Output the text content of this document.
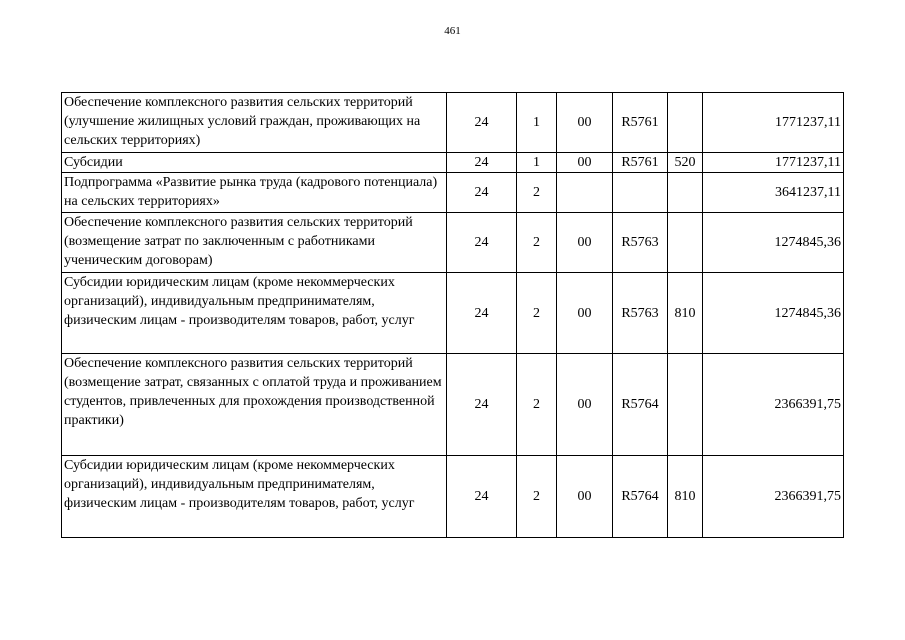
461
Обеспечение комплексного развития сельских территорий (улучшение жилищных условий граждан, проживающих на сельских территориях)	24	1	00	R5761		1771237,11
Субсидии	24	1	00	R5761	520	1771237,11
Подпрограмма «Развитие рынка труда (кадрового потенциала) на сельских территориях»	24	2				3641237,11
Обеспечение комплексного развития сельских территорий (возмещение затрат по заключенным с работниками ученическим договорам)	24	2	00	R5763		1274845,36
Субсидии юридическим лицам (кроме некоммерческих организаций), индивидуальным предпринимателям, физическим лицам - производителям товаров, работ, услуг	24	2	00	R5763	810	1274845,36
Обеспечение комплексного развития сельских территорий (возмещение затрат, связанных с оплатой труда и проживанием студентов, привлеченных для прохождения производственной практики)	24	2	00	R5764		2366391,75
Субсидии юридическим лицам (кроме некоммерческих организаций), индивидуальным предпринимателям, физическим лицам - производителям товаров, работ, услуг	24	2	00	R5764	810	2366391,75
